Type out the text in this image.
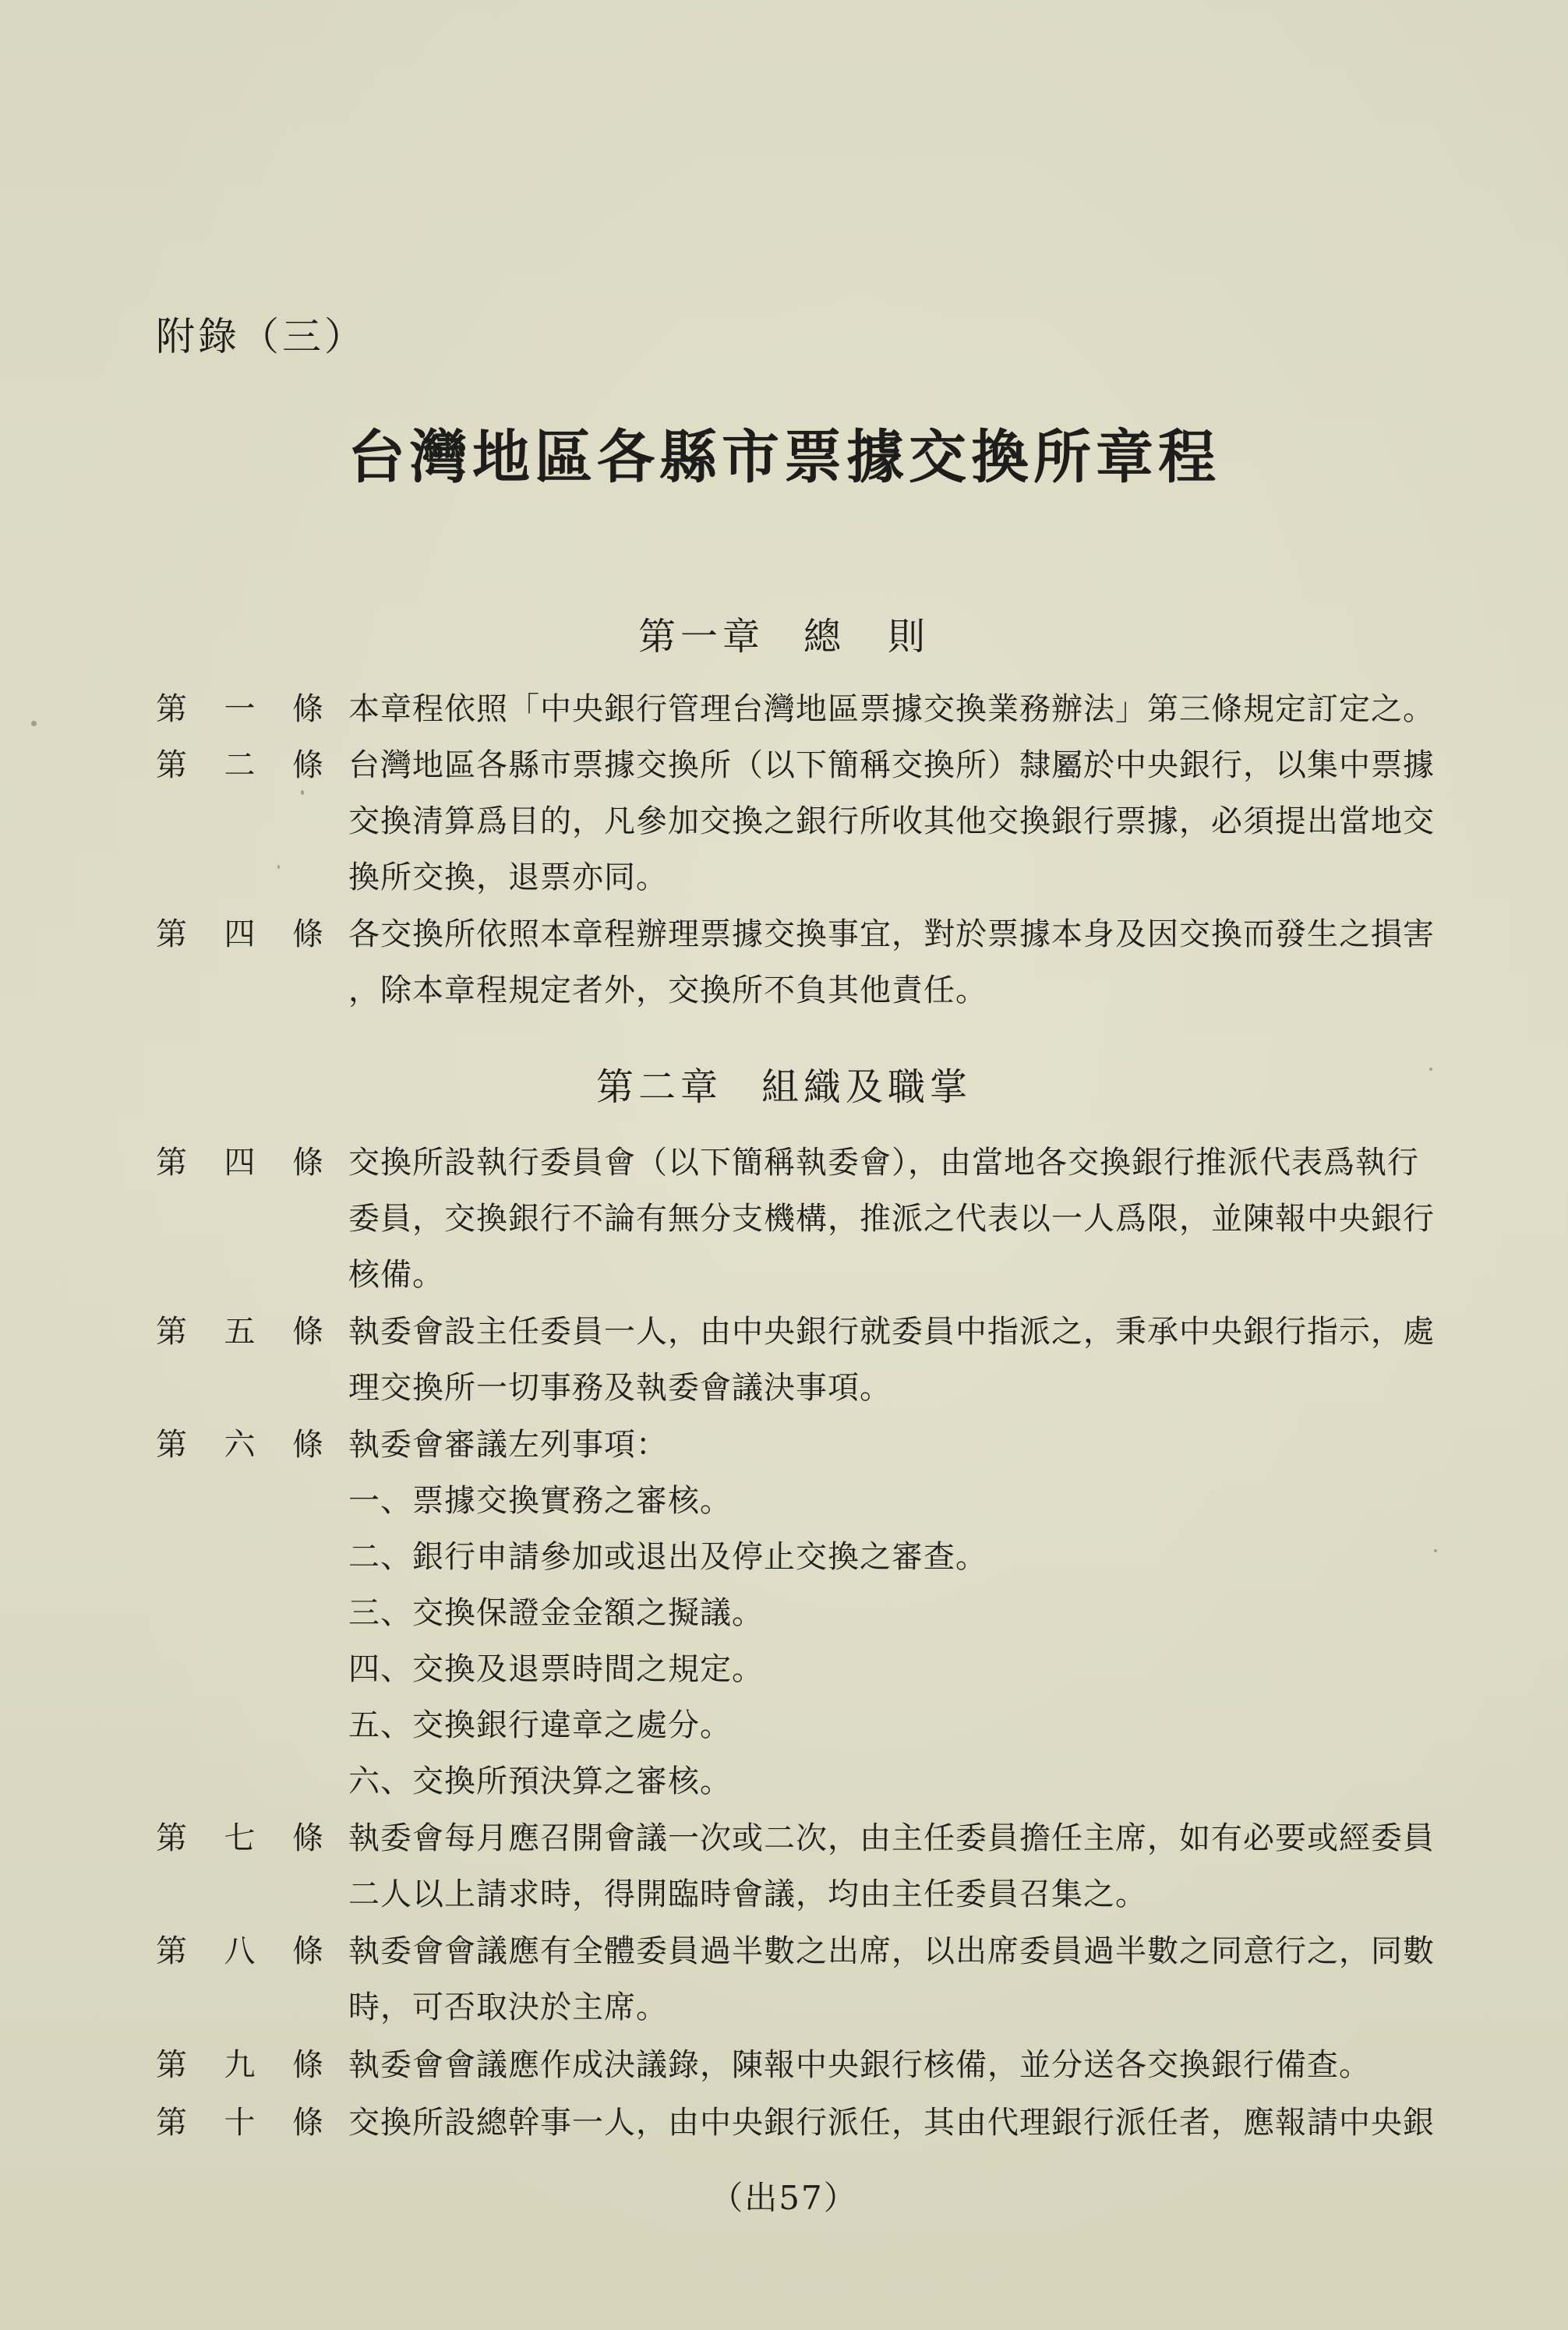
附錄（三）
台灣地區各縣市票據交換所章程
第一章 總　則
第 一 條 本章程依照「中央銀行管理台灣地區票據交換業務辦法」第三條規定訂定之。
第 二 條 台灣地區各縣市票據交換所（以下簡稱交換所）隸屬於中央銀行，以集中票據
交換清算爲目的，凡參加交換之銀行所收其他交換銀行票據，必須提出當地交
換所交換，退票亦同。
第 四 條 各交換所依照本章程辦理票據交換事宜，對於票據本身及因交換而發生之損害
，除本章程規定者外，交換所不負其他責任。
第二章 組織及職掌
第 四 條 交換所設執行委員會（以下簡稱執委會），由當地各交換銀行推派代表爲執行
委員，交換銀行不論有無分支機構，推派之代表以一人爲限，並陳報中央銀行
核備。
第 五 條 執委會設主任委員一人，由中央銀行就委員中指派之，秉承中央銀行指示，處
理交換所一切事務及執委會議決事項。
第 六 條 執委會審議左列事項：
一、票據交換實務之審核。
二、銀行申請參加或退出及停止交換之審查。
三、交換保證金金額之擬議。
四、交換及退票時間之規定。
五、交換銀行違章之處分。
六、交換所預決算之審核。
第 七 條 執委會每月應召開會議一次或二次，由主任委員擔任主席，如有必要或經委員
二人以上請求時，得開臨時會議，均由主任委員召集之。
第 八 條 執委會會議應有全體委員過半數之出席，以出席委員過半數之同意行之，同數
時，可否取決於主席。
第 九 條 執委會會議應作成決議錄，陳報中央銀行核備，並分送各交換銀行備查。
第 十 條 交換所設總幹事一人，由中央銀行派任，其由代理銀行派任者，應報請中央銀
（出57）
